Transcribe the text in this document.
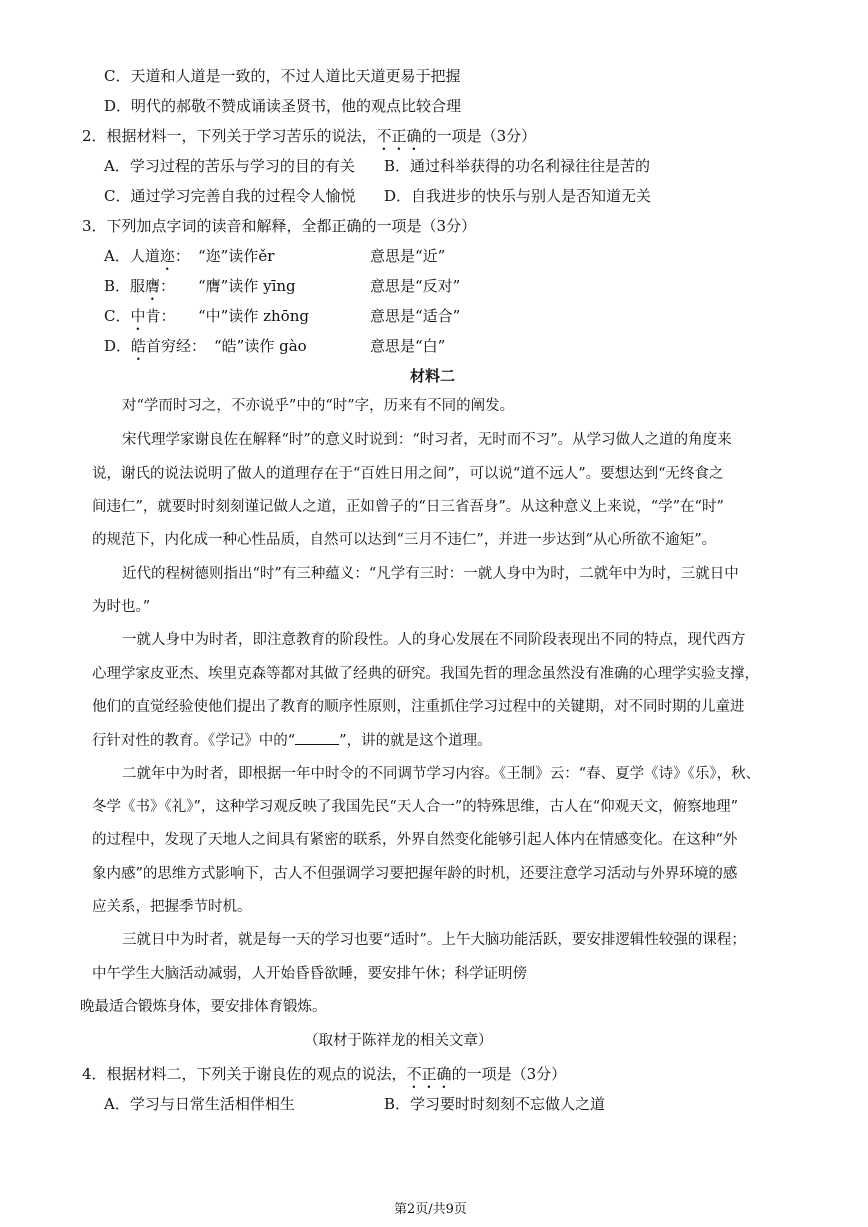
C．天道和人道是一致的，不过人道比天道更易于把握
D．明代的郝敬不赞成诵读圣贤书，他的观点比较合理
2．根据材料一，下列关于学习苦乐的说法，不正确的一项是（3分）
A．学习过程的苦乐与学习的目的有关 B．通过科举获得的功名利禄往往是苦的
C．通过学习完善自我的过程令人愉悦 D．自我进步的快乐与别人是否知道无关
3．下列加点字词的读音和解释，全都正确的一项是（3分）
A．人道迩： “迩”读作ěr	意思是“近”
B．服膺： “膺”读作 yīng	意思是“反对”
C．中肯： “中”读作 zhōng	意思是“适合”
D．皓首穷经： “皓”读作 gào	意思是“白”
材料二
对“学而时习之，不亦说乎”中的“时”字，历来有不同的阐发。
宋代理学家谢良佐在解释“时”的意义时说到：“时习者，无时而不习”。从学习做人之道的角度来
说，谢氏的说法说明了做人的道理存在于“百姓日用之间”，可以说“道不远人”。要想达到“无终食之
间违仁”，就要时时刻刻谨记做人之道，正如曾子的“日三省吾身”。从这种意义上来说，“学”在“时”
的规范下，内化成一种心性品质，自然可以达到“三月不违仁”，并进一步达到“从心所欲不逾矩”。
近代的程树德则指出“时”有三种蕴义：“凡学有三时：一就人身中为时，二就年中为时，三就日中
为时也。”
一就人身中为时者，即注意教育的阶段性。人的身心发展在不同阶段表现出不同的特点，现代西方
心理学家皮亚杰、埃里克森等都对其做了经典的研究。我国先哲的理念虽然没有准确的心理学实验支撑，
他们的直觉经验使他们提出了教育的顺序性原则，注重抓住学习过程中的关键期，对不同时期的儿童进
行针对性的教育。《学记》中的“	”，讲的就是这个道理。
二就年中为时者，即根据一年中时令的不同调节学习内容。《王制》云：“春、夏学《诗》《乐》，秋、
冬学《书》《礼》”，这种学习观反映了我国先民“天人合一”的特殊思维，古人在“仰观天文，俯察地理”
的过程中，发现了天地人之间具有紧密的联系，外界自然变化能够引起人体内在情感变化。在这种“外
象内感”的思维方式影响下，古人不但强调学习要把握年龄的时机，还要注意学习活动与外界环境的感
应关系，把握季节时机。
三就日中为时者，就是每一天的学习也要“适时”。上午大脑功能活跃，要安排逻辑性较强的课程；
中午学生大脑活动减弱，人开始昏昏欲睡，要安排午休；科学证明傍
晚最适合锻炼身体，要安排体育锻炼。
（取材于陈祥龙的相关文章）
4．根据材料二，下列关于谢良佐的观点的说法，不正确的一项是（3分）
A．学习与日常生活相伴相生	B．学习要时时刻刻不忘做人之道
第2页/共9页
